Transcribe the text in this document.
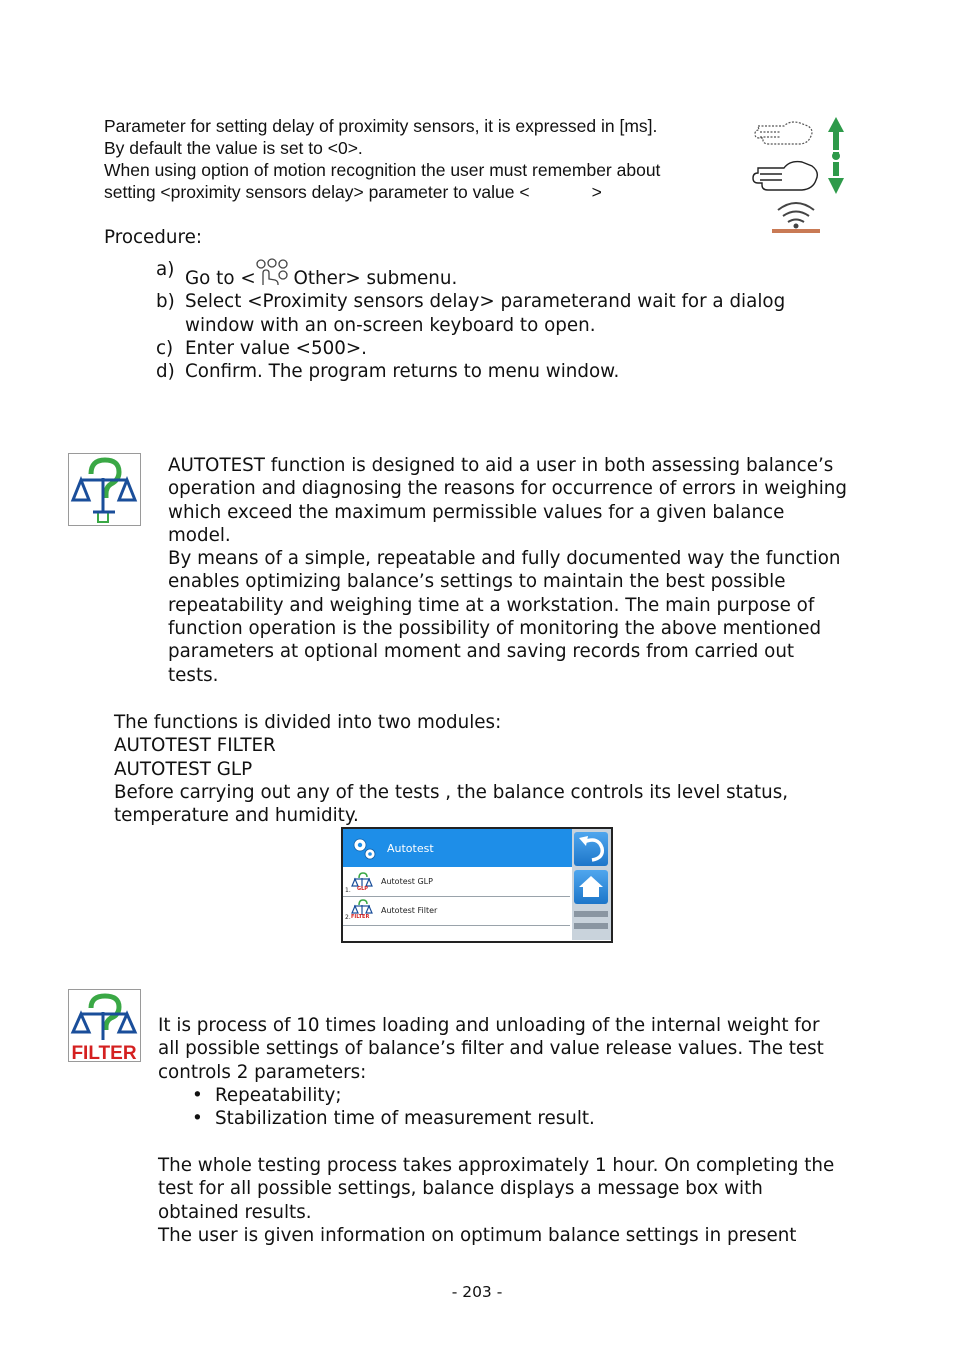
Parameter for setting delay of proximity sensors, it is expressed in [ms].
By default the value is set to <0>.
When using option of motion recognition the user must remember about
setting <proximity sensors delay> parameter to value <	>
Procedure:
a) Go to < Other> submenu.
b) Select <Proximity sensors delay> parameterand wait for a dialog
window with an on-screen keyboard to open.
c) Enter value <500>.
d) Confirm. The program returns to menu window.
AUTOTEST function is designed to aid a user in both assessing balance’s
operation and diagnosing the reasons for occurrence of errors in weighing
which exceed the maximum permissible values for a given balance
model.
By means of a simple, repeatable and fully documented way the function
enables optimizing balance’s settings to maintain the best possible
repeatability and weighing time at a workstation. The main purpose of
function operation is the possibility of monitoring the above mentioned
parameters at optional moment and saving records from carried out
tests.
The functions is divided into two modules:
AUTOTEST FILTER
AUTOTEST GLP
Before carrying out any of the tests , the balance controls its level status,
temperature and humidity.
Autotest
1. GLP
Autotest GLP
2. FILTER
Autotest Filter
FILTER
It is process of 10 times loading and unloading of the internal weight for
all possible settings of balance’s filter and value release values. The test
controls 2 parameters:
• Repeatability;
• Stabilization time of measurement result.
The whole testing process takes approximately 1 hour. On completing the
test for all possible settings, balance displays a message box with
obtained results.
The user is given information on optimum balance settings in present
- 203 -
